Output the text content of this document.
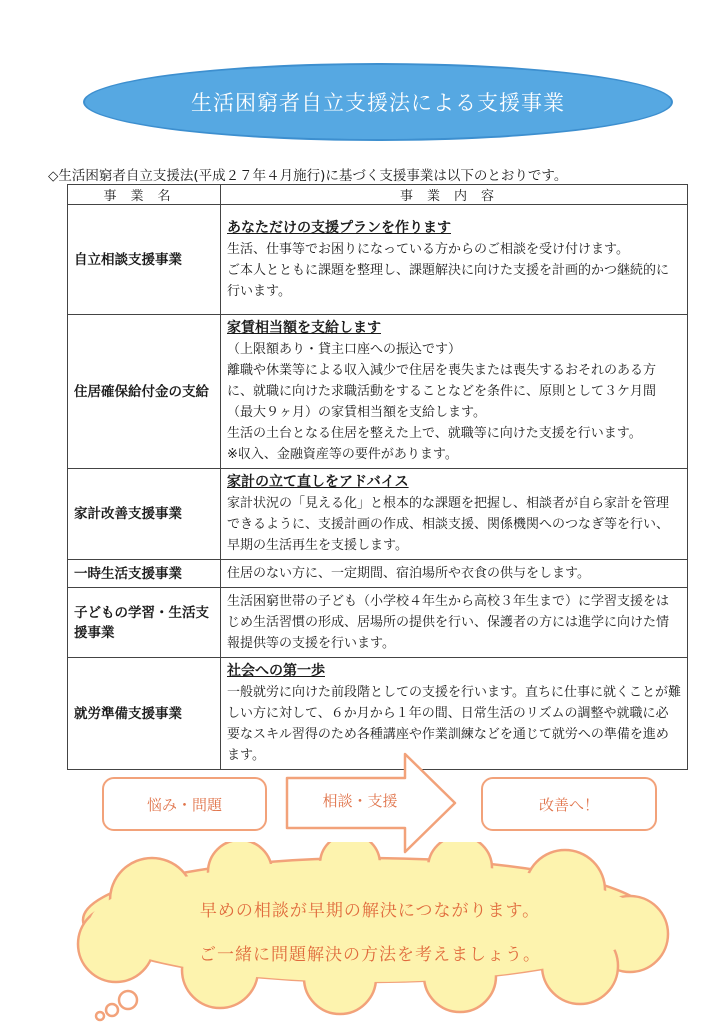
生活困窮者自立支援法による支援事業
◇生活困窮者自立支援法(平成２７年４月施行)に基づく支援事業は以下のとおりです。
事業名	事業内容
自立相談支援事業	あなただけの支援プランを作ります
生活、仕事等でお困りになっている方からのご相談を受け付けます。
ご本人とともに課題を整理し、課題解決に向けた支援を計画的かつ継続的に行います。

住居確保給付金の支給	家賃相当額を支給します
（上限額あり・貸主口座への振込です）
離職や休業等による収入減少で住居を喪失または喪失するおそれのある方に、就職に向けた求職活動をすることなどを条件に、原則として３ケ月間（最大９ヶ月）の家賃相当額を支給します。
生活の土台となる住居を整えた上で、就職等に向けた支援を行います。
※収入、金融資産等の要件があります。

家計改善支援事業	家計の立て直しをアドバイス
家計状況の「見える化」と根本的な課題を把握し、相談者が自ら家計を管理できるように、支援計画の作成、相談支援、関係機関へのつなぎ等を行い、早期の生活再生を支援します。

一時生活支援事業	住居のない方に、一定期間、宿泊場所や衣食の供与をします。

子どもの学習・生活支援事業	生活困窮世帯の子ども（小学校４年生から高校３年生まで）に学習支援をはじめ生活習慣の形成、居場所の提供を行い、保護者の方には進学に向けた情報提供等の支援を行います。

就労準備支援事業	社会への第一歩
一般就労に向けた前段階としての支援を行います。直ちに仕事に就くことが難しい方に対して、６か月から１年の間、日常生活のリズムの調整や就職に必要なスキル習得のため各種講座や作業訓練などを通じて就労への準備を進めます。
悩み・問題	相談・支援	改善へ！
早めの相談が早期の解決につながります。
ご一緒に問題解決の方法を考えましょう。
